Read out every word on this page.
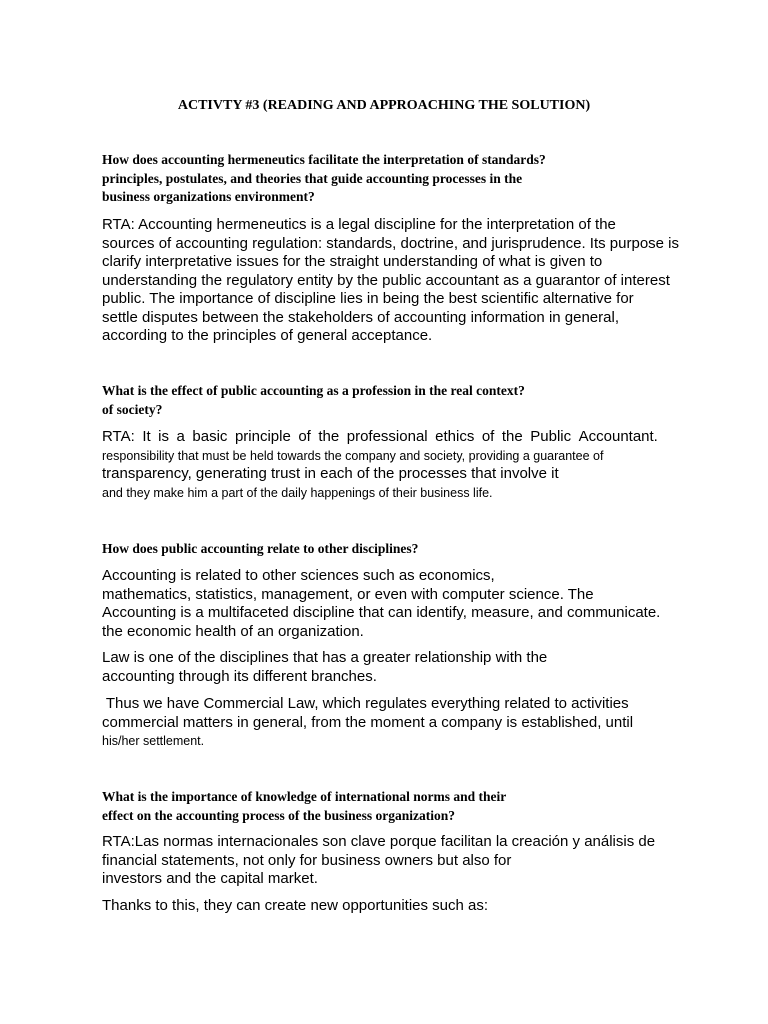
ACTIVTY #3 (READING AND APPROACHING THE SOLUTION)
How does accounting hermeneutics facilitate the interpretation of standards?
principles, postulates, and theories that guide accounting processes in the
business organizations environment?
RTA: Accounting hermeneutics is a legal discipline for the interpretation of the
sources of accounting regulation: standards, doctrine, and jurisprudence. Its purpose is
clarify interpretative issues for the straight understanding of what is given to
understanding the regulatory entity by the public accountant as a guarantor of interest
public. The importance of discipline lies in being the best scientific alternative for
settle disputes between the stakeholders of accounting information in general,
according to the principles of general acceptance.
What is the effect of public accounting as a profession in the real context?
of society?
RTA: It is a basic principle of the professional ethics of the Public Accountant.
responsibility that must be held towards the company and society, providing a guarantee of
transparency, generating trust in each of the processes that involve it
and they make him a part of the daily happenings of their business life.
How does public accounting relate to other disciplines?
Accounting is related to other sciences such as economics,
mathematics, statistics, management, or even with computer science. The
Accounting is a multifaceted discipline that can identify, measure, and communicate.
the economic health of an organization.
Law is one of the disciplines that has a greater relationship with the
accounting through its different branches.
Thus we have Commercial Law, which regulates everything related to activities
commercial matters in general, from the moment a company is established, until
his/her settlement.
What is the importance of knowledge of international norms and their
effect on the accounting process of the business organization?
RTA:Las normas internacionales son clave porque facilitan la creación y análisis de
financial statements, not only for business owners but also for
investors and the capital market.
Thanks to this, they can create new opportunities such as:
